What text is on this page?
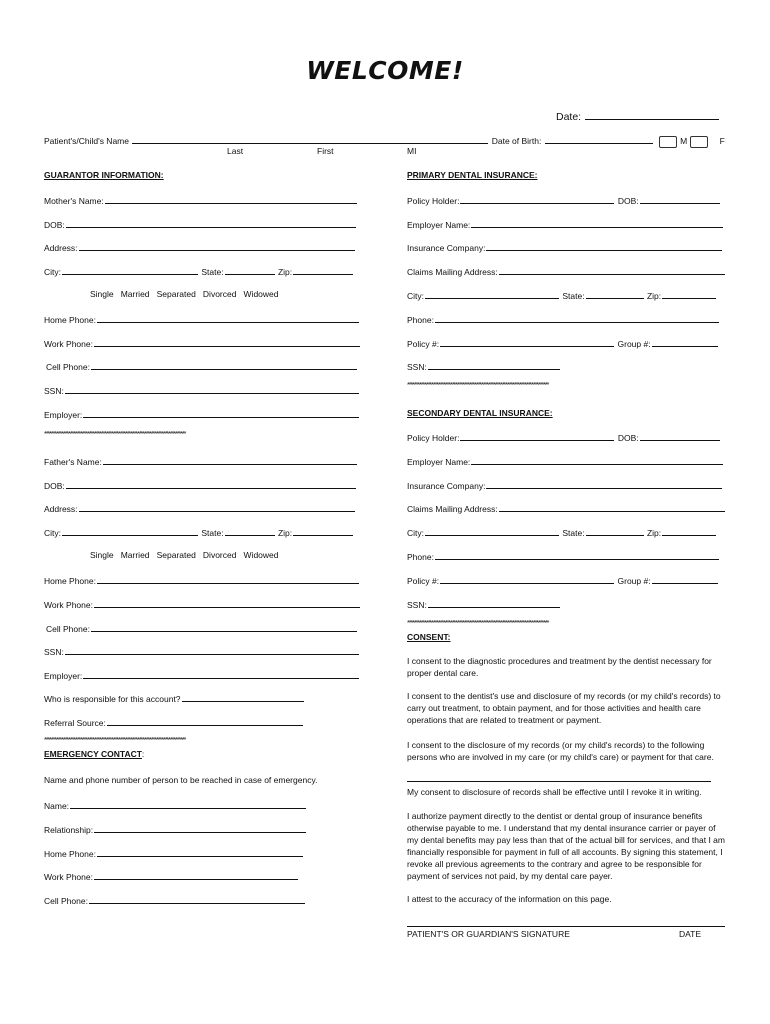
WELCOME!
Date:
Patient's/Child's Name	Date of Birth:	M	F
Last	First	MI
GUARANTOR INFORMATION:
Mother's Name:
DOB:
Address:
City:	State:	Zip:
Single   Married   Separated   Divorced   Widowed
Home Phone:
Work Phone:
Cell Phone:
SSN:
Employer:
**********************************************************************************
Father's Name:
DOB:
Address:
City:	State:	Zip:
Single   Married   Separated   Divorced   Widowed
Home Phone:
Work Phone:
Cell Phone:
SSN:
Employer:
Who is responsible for this account?
Referral Source:
**********************************************************************************
EMERGENCY CONTACT:
Name and phone number of person to be reached in case of emergency.
Name:
Relationship:
Home Phone:
Work Phone:
Cell Phone:
PRIMARY DENTAL INSURANCE:
Policy Holder:	DOB:
Employer Name:
Insurance Company:
Claims Mailing Address:
City:	State:	Zip:
Phone:
Policy #:	Group #:
SSN:
**********************************************************************************
SECONDARY DENTAL INSURANCE:
Policy Holder:	DOB:
Employer Name:
Insurance Company:
Claims Mailing Address:
City:	State:	Zip:
Phone:
Policy #:	Group #:
SSN:
**********************************************************************************
CONSENT:
I consent to the diagnostic procedures and treatment by the dentist necessary for proper dental care.
I consent to the dentist's use and disclosure of my records (or my child's records) to carry out treatment, to obtain payment, and for those activities and health care operations that are related to treatment or payment.
I consent to the disclosure of my records (or my child's records) to the following persons who are involved in my care (or my child's care) or payment for that care.
My consent to disclosure of records shall be effective until I revoke it in writing.
I authorize payment directly to the dentist or dental group of insurance benefits otherwise payable to me. I understand that my dental insurance carrier or payer of my dental benefits may pay less than that of the actual bill for services, and that I am financially responsible for payment in full of all accounts. By signing this statement, I revoke all previous agreements to the contrary and agree to be responsible for payment of services not paid, by my dental care payer.
I attest to the accuracy of the information on this page.
PATIENT'S OR GUARDIAN'S SIGNATURE	DATE
